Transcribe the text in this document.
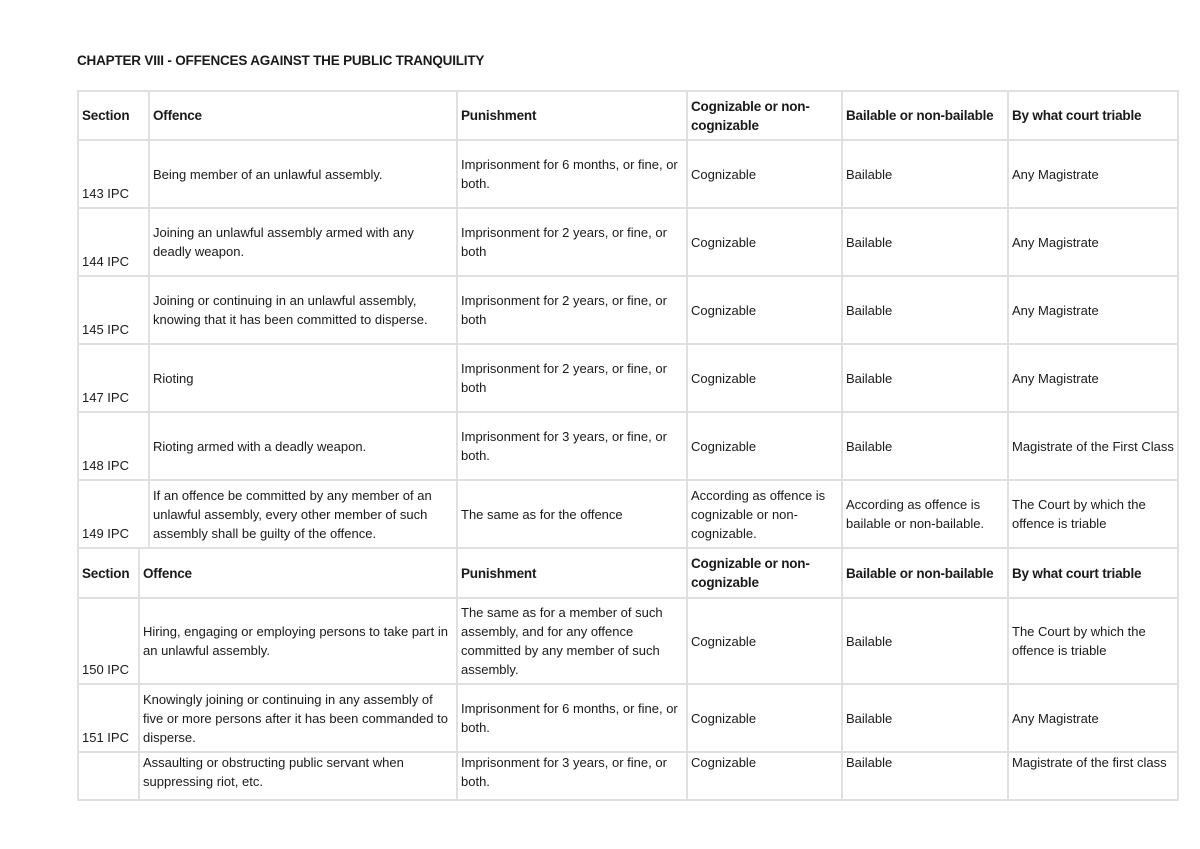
CHAPTER VIII - OFFENCES AGAINST THE PUBLIC TRANQUILITY
Section	Offence	Punishment	Cognizable or non-cognizable	Bailable or non-bailable	By what court triable
143 IPC	Being member of an unlawful assembly.	Imprisonment for 6 months, or fine, or both.	Cognizable	Bailable	Any Magistrate
144 IPC	Joining an unlawful assembly armed with any deadly weapon.	Imprisonment for 2 years, or fine, or both	Cognizable	Bailable	Any Magistrate
145 IPC	Joining or continuing in an unlawful assembly, knowing that it has been committed to disperse.	Imprisonment for 2 years, or fine, or both	Cognizable	Bailable	Any Magistrate
147 IPC	Rioting	Imprisonment for 2 years, or fine, or both	Cognizable	Bailable	Any Magistrate
148 IPC	Rioting armed with a deadly weapon.	Imprisonment for 3 years, or fine, or both.	Cognizable	Bailable	Magistrate of the First Class
149 IPC	If an offence be committed by any member of an unlawful assembly, every other member of such assembly shall be guilty of the offence.	The same as for the offence	According as offence is cognizable or non-cognizable.	According as offence is bailable or non-bailable.	The Court by which the offence is triable
Section	Offence	Punishment	Cognizable or non-cognizable	Bailable or non-bailable	By what court triable
150 IPC	Hiring, engaging or employing persons to take part in an unlawful assembly.	The same as for a member of such assembly, and for any offence committed by any member of such assembly.	Cognizable	Bailable	The Court by which the offence is triable
151 IPC	Knowingly joining or continuing in any assembly of five or more persons after it has been commanded to disperse.	Imprisonment for 6 months, or fine, or both.	Cognizable	Bailable	Any Magistrate
	Assaulting or obstructing public servant when suppressing riot, etc.	Imprisonment for 3 years, or fine, or both.	Cognizable	Bailable	Magistrate of the first class
